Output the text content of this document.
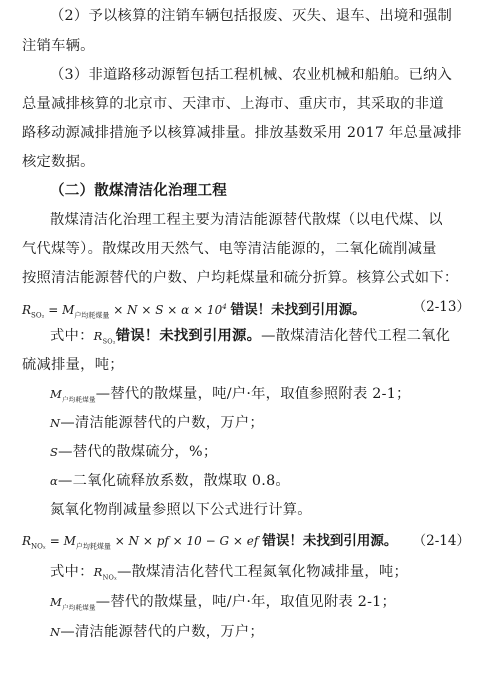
（2）予以核算的注销车辆包括报废、灭失、退车、出境和强制
注销车辆。
（3）非道路移动源暂包括工程机械、农业机械和船舶。已纳入
总量减排核算的北京市、天津市、上海市、重庆市，其采取的非道
路移动源减排措施予以核算减排量。排放基数采用 2017 年总量减排
核定数据。
（二）散煤清洁化治理工程
散煤清洁化治理工程主要为清洁能源替代散煤（以电代煤、以
气代煤等）。散煤改用天然气、电等清洁能源的，二氧化硫削减量
按照清洁能源替代的户数、户均耗煤量和硫分折算。核算公式如下：
$R_{SO_2} = M_{户均耗煤量} \times N \times S \times \alpha \times 10^4$ 错误！未找到引用源。	（2-13）
式中：$R_{SO_2}$错误！未找到引用源。—散煤清洁化替代工程二氧化
硫减排量，吨；
$M_{户均耗煤量}—$替代的散煤量，吨/户·年，取值参照附表 2-1；
N—清洁能源替代的户数，万户；
S—替代的散煤硫分，%；
α—二氧化硫释放系数，散煤取 0.8。
氮氧化物削减量参照以下公式进行计算。
$R_{NO_x} = M_{户均耗煤量} \times N$ × pf × 10 − G × ef 错误！未找到引用源。 （2-14）
式中：$R_{NO_x}—$散煤清洁化替代工程氮氧化物减排量，吨；
$M_{户均耗煤量}—$替代的散煤量，吨/户·年，取值见附表 2-1；
N—清洁能源替代的户数，万户；
